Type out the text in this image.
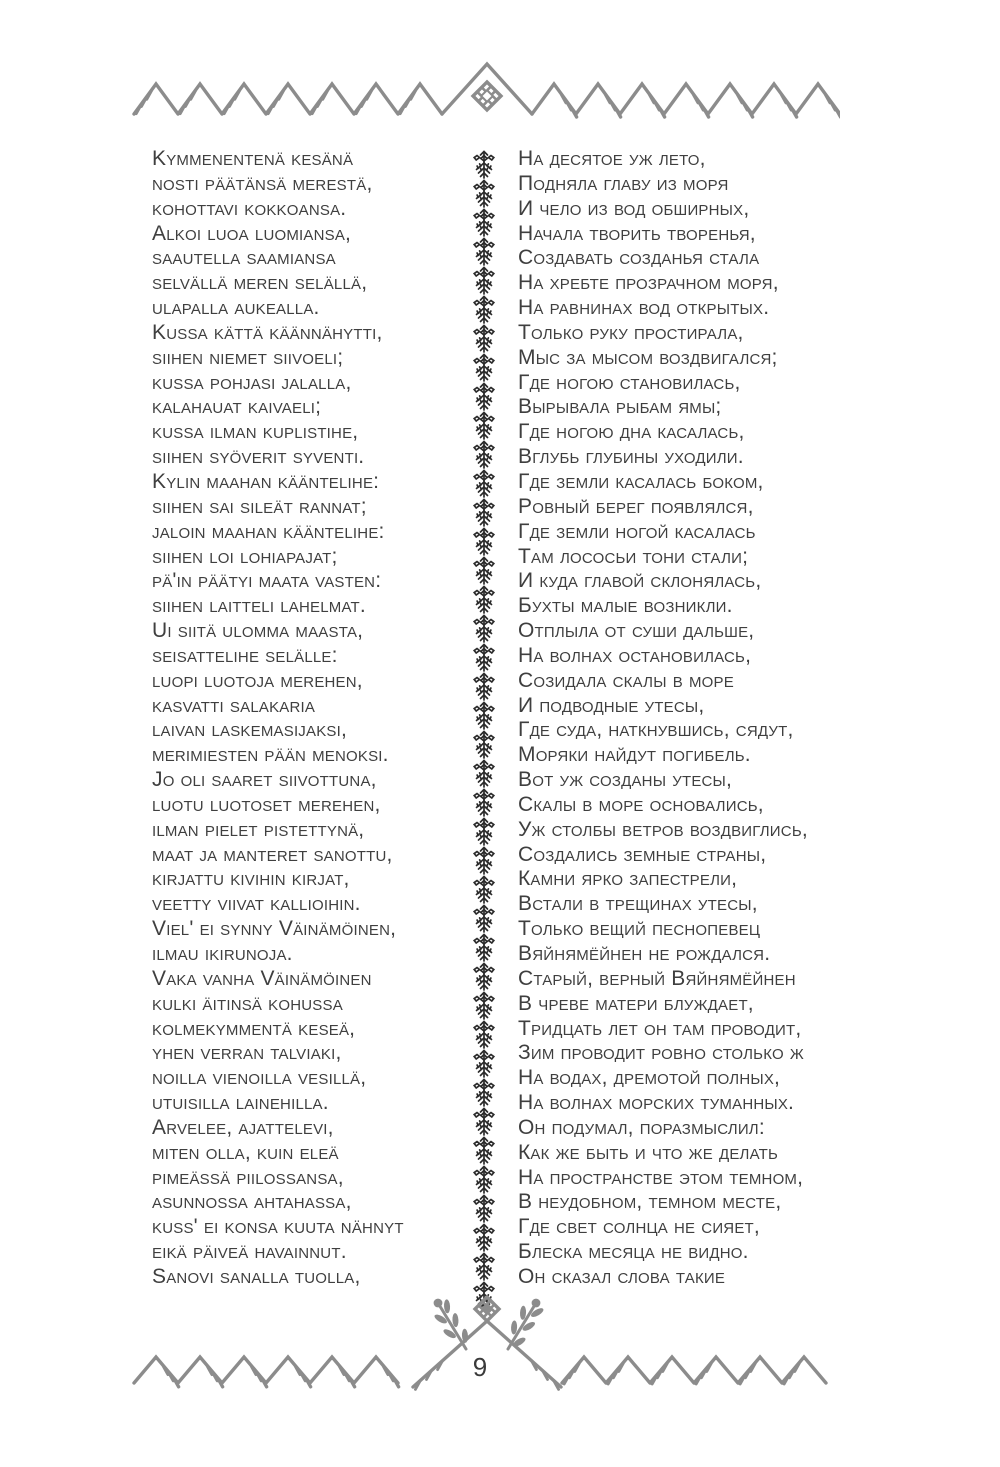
Kymmenentenä kesänä
nosti päätänsä merestä,
kohottavi kokkoansa.
Alkoi luoa luomiansa,
saautella saamiansa
selvällä meren selällä,
ulapalla aukealla.
Kussa kättä käännähytti,
siihen niemet siivoeli;
kussa pohjasi jalalla,
kalahauat kaivaeli;
kussa ilman kuplistihe,
siihen syöverit syventi.
Kylin maahan kääntelihe:
siihen sai sileät rannat;
jaloin maahan kääntelihe:
siihen loi lohiapajat;
pä'in päätyi maata vasten:
siihen laitteli lahelmat.
Ui siitä ulomma maasta,
seisattelihe selälle:
luopi luotoja merehen,
kasvatti salakaria
laivan laskemasijaksi,
merimiesten pään menoksi.
Jo oli saaret siivottuna,
luotu luotoset merehen,
ilman pielet pistettynä,
maat ja manteret sanottu,
kirjattu kivihin kirjat,
veetty viivat kallioihin.
Viel' ei synny Väinämöinen,
ilmau ikirunoja.
Vaka vanha Väinämöinen
kulki äitinsä kohussa
kolmekymmentä keseä,
yhen verran talviaki,
noilla vienoilla vesillä,
utuisilla lainehilla.
Arvelee, ajattelevi,
miten olla, kuin eleä
pimeässä piilossansa,
asunnossa ahtahassa,
kuss' ei konsa kuuta nähnyt
eikä päiveä havainnut.
Sanovi sanalla tuolla,
На десятое уж лето,
Подняла главу из моря
И чело из вод обширных,
Начала творить творенья,
Создавать созданья стала
На хребте прозрачном моря,
На равнинах вод открытых.
Только руку простирала,
Мыс за мысом воздвигался;
Где ногою становилась,
Вырывала рыбам ямы;
Где ногою дна касалась,
Вглубь глубины уходили.
Где земли касалась боком,
Ровный берег появлялся,
Где земли ногой касалась
Там лососьи тони стали;
И куда главой склонялась,
Бухты малые возникли.
Отплыла от суши дальше,
На волнах остановилась,
Созидала скалы в море
И подводные утесы,
Где суда, наткнувшись, сядут,
Моряки найдут погибель.
Вот уж созданы утесы,
Скалы в море основались,
Уж столбы ветров воздвиглись,
Создались земные страны,
Камни ярко запестрели,
Встали в трещинах утесы,
Только вещий песнопевец
Вяйнямёйнен не рождался.
Старый, верный Вяйнямёйнен
В чреве матери блуждает,
Тридцать лет он там проводит,
Зим проводит ровно столько ж
На водах, дремотой полных,
На волнах морских туманных.
Он подумал, поразмыслил:
Как же быть и что же делать
На пространстве этом темном,
В неудобном, темном месте,
Где свет солнца не сияет,
Блеска месяца не видно.
Он сказал слова такие
9
